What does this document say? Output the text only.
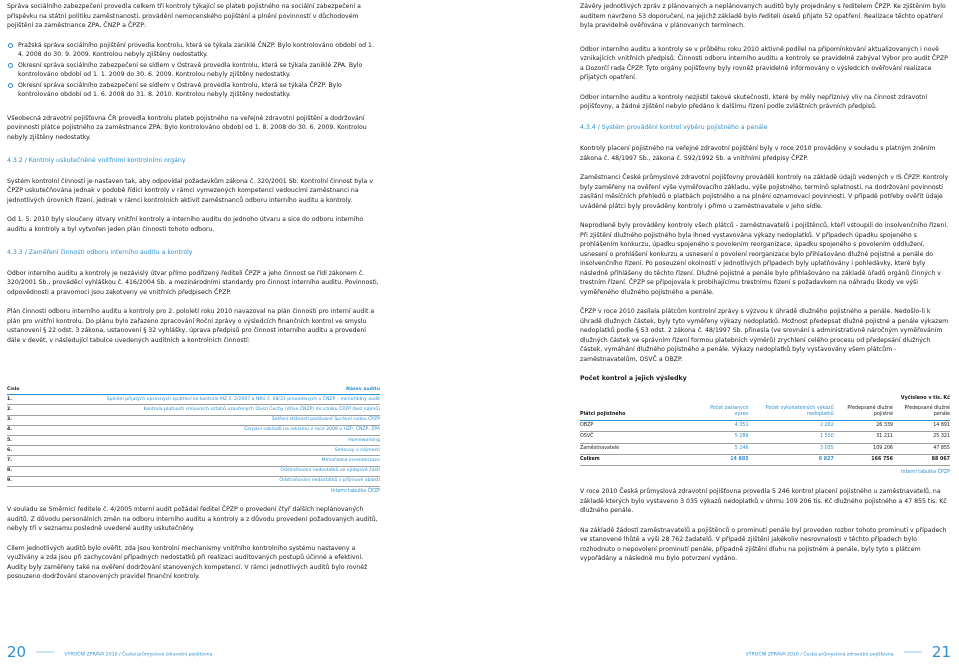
Správa sociálního zabezpečení provedla celkem tři kontroly týkající se plateb pojistného na sociální zabezpečení a příspěvku na státní politiku zaměstnanosti, provádění nemocenského pojištění a plnění povinností v důchodovém pojištění za zaměstnance ZPA, ČNZP a ČPZP:

Pražská správa sociálního pojištění provedla kontrolu, která se týkala zaniklé ČNZP. Bylo kontrolováno období od 1. 4. 2008 do 30. 9. 2009. Kontrolou nebyly zjištěny nedostatky.
Okresní správa sociálního zabezpečení se sídlem v Ostravě provedla kontrolu, která se týkala zaniklé ZPA. Bylo kontrolováno období od 1. 1. 2009 do 30. 6. 2009. Kontrolou nebyly zjištěny nedostatky.
Okresní správa sociálního zabezpečení se sídlem v Ostravě provedla kontrolu, která se týkala ČPZP. Bylo kontrolováno období od 1. 6. 2008 do 31. 8. 2010. Kontrolou nebyly zjištěny nedostatky.

Všeobecná zdravotní pojišťovna ČR provedla kontrolu plateb pojistného na veřejné zdravotní pojištění a dodržování povinností plátce pojistného za zaměstnance ZPA. Bylo kontrolováno období od 1. 8. 2008 do 30. 6. 2009. Kontrolou nebyly zjištěny nedostatky.

4.3.2 / Kontroly uskutečněné vnitřními kontrolními orgány

Systém kontrolní činnosti je nastaven tak, aby odpovídal požadavkům zákona č. 320/2001 Sb. Kontrolní činnost byla v ČPZP uskutečňována jednak v podobě řídicí kontroly v rámci vymezených kompetencí vedoucími zaměstnanci na jednotlivých úrovních řízení, jednak v rámci kontrolních aktivit zaměstnanců odboru interního auditu a kontroly.

Od 1. 5. 2010 byly sloučeny útvary vnitřní kontroly a interního auditu do jednoho útvaru a sice do odboru interního auditu a kontroly a byl vytvořen jeden plán činnosti tohoto odboru.

4.3.3 / Zaměření činnosti odboru interního auditu a kontroly

Odbor interního auditu a kontroly je nezávislý útvar přímo podřízený řediteli ČPZP a jeho činnost se řídí zákonem č. 320/2001 Sb., prováděcí vyhláškou č. 416/2004 Sb. a mezinárodními standardy pro činnost interního auditu. Povinnosti, odpovědnosti a pravomoci jsou zakotveny ve vnitřních předpisech ČPZP.

Plán činnosti odboru interního auditu a kontroly pro 2. pololetí roku 2010 navazoval na plán činnosti pro interní audit a plán pro vnitřní kontrolu. Do plánu bylo zařazeno zpracování Roční zprávy o výsledcích finančních kontrol ve smyslu ustanovení § 22 odst. 3 zákona, ustanovení § 32 vyhlášky, úprava předpisů pro činnost interního auditu a provedení dále v devět, v následující tabulce uvedených auditních a kontrolních činností:

Číslo	Název auditu
1.	Splnění přijatých opravných opatření ke kontrole MZ č. 2/2007 a NKÚ č. 08/31 provedených v ČNZP – mimořádný audit
2.	Kontrola platnosti smluvních vztahů uzavřených Divizí Čechy (dříve ČNZP) do vzniku ČPZP (bez nájmů)
3.	Šetření stížnosti podávané Správní radou ČPZP
4.	Čerpání nákladů na reklamu v roce 2009 v HZP, ČNZP, ZPA
5.	Homeworking
6.	Smlouvy o nájmech
7.	Mimořádná inventarizace
8.	Odstraňování nedostatků ve výdajové části
9.	Odstraňování nedostatků v příjmové oblasti
Interní tabulka ČPZP

V souladu se Směrnicí ředitele č. 4/2005 Interní audit požádal ředitel ČPZP o provedení čtyř dalších neplánovaných auditů. Z důvodu personálních změn na odboru interního auditu a kontroly a z důvodu provedení požadovaných auditů, nebyly tři v seznamu posledně uvedené audity uskutečněny.

Cílem jednotlivých auditů bylo ověřit, zda jsou kontrolní mechanismy vnitřního kontrolního systému nastaveny a využívány a zda jsou při zachycování případných nedostatků při realizaci auditovaných postupů účinné a efektivní. Audity byly zaměřeny také na ověření dodržování stanovených kompetencí. V rámci jednotlivých auditů bylo rovněž posouzeno dodržování stanovených pravidel finanční kontroly.

Závěry jednotlivých zpráv z plánovaných a neplánovaných auditů byly projednány s ředitelem ČPZP. Ke zjištěním bylo auditem navrženo 53 doporučení, na jejichž základě bylo řediteli úseků přijato 52 opatření. Realizace těchto opatření byla pravidelně ověřována v plánovaných termínech.

Odbor interního auditu a kontroly se v průběhu roku 2010 aktivně podílel na připomínkování aktualizovaných i nově vznikajících vnitřních předpisů. Činnosti odboru interního auditu a kontroly se pravidelně zabýval Výbor pro audit ČPZP a Dozorčí rada ČPZP. Tyto orgány pojišťovny byly rovněž pravidelně informovány o výsledcích ověřování realizace přijatých opatření.

Odbor interního auditu a kontroly nezjistil takové skutečnosti, které by měly nepříznivý vliv na činnost zdravotní pojišťovny, a žádné zjištění nebylo předáno k dalšímu řízení podle zvláštních právních předpisů.

4.3.4 / Systém provádění kontrol výběru pojistného a penále

Kontroly placení pojistného na veřejné zdravotní pojištění byly v roce 2010 prováděny v souladu s platným zněním zákona č. 48/1997 Sb., zákona č. 592/1992 Sb. a vnitřními předpisy ČPZP.

Zaměstnanci České průmyslové zdravotní pojišťovny prováděli kontroly na základě údajů vedených v IS ČPZP. Kontroly byly zaměřeny na ověření výše vyměřovacího základu, výše pojistného, termínů splatnosti, na dodržování povinností zasílání měsíčních přehledů o platbách pojistného a na plnění oznamovací povinnosti. V případě potřeby ověřit údaje uváděné plátci byly prováděny kontroly i přímo u zaměstnavatele v jeho sídle.

Neprodleně byly prováděny kontroly všech plátců - zaměstnavatelů i pojištěnců, kteří vstoupili do insolvenčního řízení. Při zjištění dlužného pojistného byla ihned vystavována výkazy nedoplatků. V případech úpadku spojeného s prohlášením konkurzu, úpadku spojeného s povolením reorganizace, úpadku spojeného s povolením oddlužení, usnesení o prohlášení konkurzu a usnesení o povolení reorganizace bylo přihlašováno dlužné pojistné a penále do insolvenčního řízení. Po posouzení okolností v jednotlivých případech byly uplatňovány i pohledávky, které byly následně přihlášeny do těchto řízení. Dlužné pojistné a penále bylo přihlašováno na základě úřadů orgánů činných v trestním řízení. ČPZP se připojovala k probíhajícímu trestnímu řízení s požadavkem na náhradu škody ve výši vyměřeného dlužného pojistného a penále.

ČPZP v roce 2010 zasílala plátcům kontrolní zprávy s výzvou k úhradě dlužného pojistného a penále. Nedošlo-li k úhradě dlužných částek, byly tyto vyměřeny výkazy nedoplatků. Možnost předepsat dlužné pojistné a penále výkazem nedoplatků podle § 53 odst. 2 zákona č. 48/1997 Sb. přinesla (ve srovnání s administrativně náročným vyměřováním dlužných částek ve správním řízení formou platebních výměrů) zrychlení celého procesu od předepsání dlužných částek, vymáhání dlužného pojistného a penále. Výkazy nedoplatků byly vystavovány všem plátcům - zaměstnavatelům, OSVČ a OBZP.

Počet kontrol a jejich výsledky
				Vyčísleno v tis. Kč
Plátci pojistného	Počet zaslaných výzev	Počet vykonatelných výkazů nedoplatků	Předepsané dlužné pojistné	Předepsané dlužné penále
OBZP	4 351	2 262	26 339	14 891
OSVČ	5 286	1 550	31 211	25 321
Zaměstnavatelé	5 246	3 035	109 206	47 855
Celkem	14 883	6 827	166 756	88 067
Interní tabulka ČPZP

V roce 2010 Česká průmyslová zdravotní pojišťovna provedla 5 246 kontrol placení pojistného u zaměstnavatelů, na základě kterých bylo vystaveno 3 035 výkazů nedoplatků v úhrnu 109 206 tis. Kč dlužného pojistného a 47 855 tis. Kč dlužného penále.

Na základě žádostí zaměstnavatelů a pojištěnců o prominutí penále byl proveden rozbor tohoto prominutí v případech ve stanovené lhůtě a výši 28 762 žadatelů. V případě zjištění jakékoliv nesrovnalosti v těchto případech bylo rozhodnuto o nepovolení prominutí penále, případně zjištění dluhu na pojistném a penále, byly tyto s plátcem vypořádány a následně mu bylo potvrzení vydáno.

20	VÝROČNÍ ZPRÁVA 2010 / Česká průmyslová zdravotní pojišťovna	VÝROČNÍ ZPRÁVA 2010 / Česká průmyslová zdravotní pojišťovna	21
